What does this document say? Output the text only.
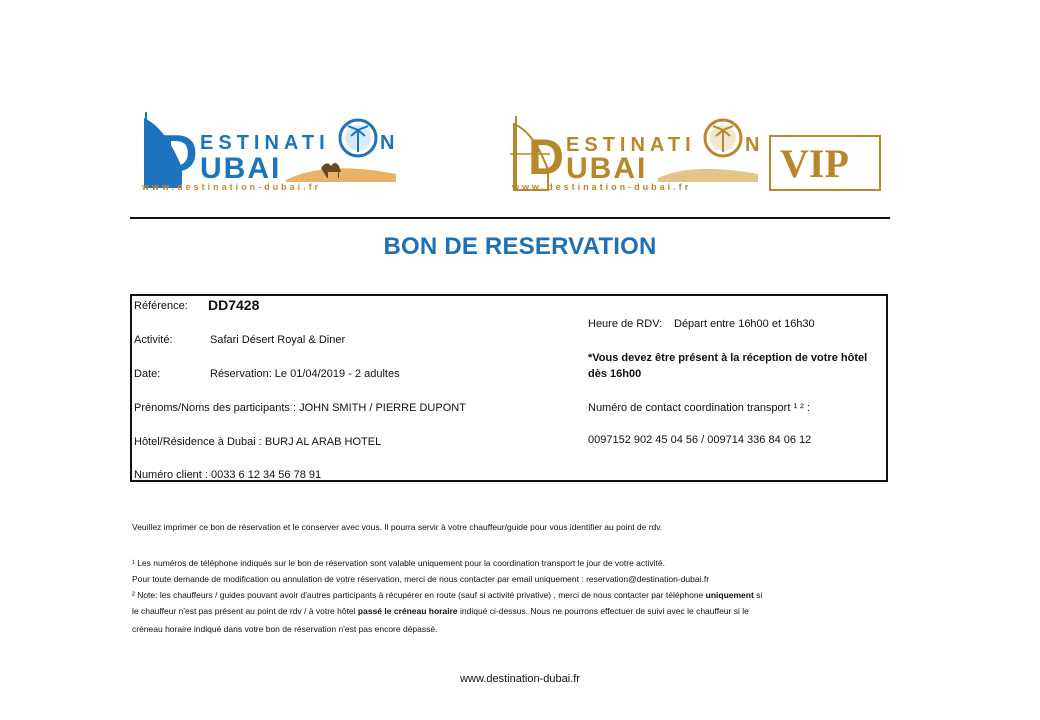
D ESTINATI	N
UBAI
www.destination-dubai.fr
D ESTINATI N
UBAI
www.destination-dubai.fr
VIP
BON DE RESERVATION
Référence: DD7428
Activité:	Safari Désert Royal & Diner
Date:	Réservation: Le 01/04/2019 - 2 adultes
Prénoms/Noms des participants : JOHN SMITH / PIERRE DUPONT
Hôtel/Résidence à Dubai : BURJ AL ARAB HOTEL
Numéro client : 0033 6 12 34 56 78 91
Heure de RDV: Départ entre 16h00 et 16h30
*Vous devez être présent à la réception de votre hôtel
dès 16h00
Numéro de contact coordination transport ¹ ² :
0097152 902 45 04 56 / 009714 336 84 06 12
Veuillez imprimer ce bon de réservation et le conserver avec vous. Il pourra servir à votre chauffeur/guide pour vous identifier au point de rdv.
¹ Les numéros de téléphone indiqués sur le bon de réservation sont valable uniquement pour la coordination transport le jour de votre activité.
Pour toute demande de modification ou annulation de votre réservation, merci de nous contacter par email uniquement : reservation@destination-dubai.fr
² Note: les chauffeurs / guides pouvant avoir d'autres participants à récupérer en route (sauf si activité privative) , merci de nous contacter par téléphone uniquement si
le chauffeur n'est pas présent au point de rdv / à votre hôtel passé le créneau horaire indiqué ci-dessus. Nous ne pourrons effectuer de suivi avec le chauffeur si le
créneau horaire indiqué dans votre bon de réservation n'est pas encore dépassé.
www.destination-dubai.fr
